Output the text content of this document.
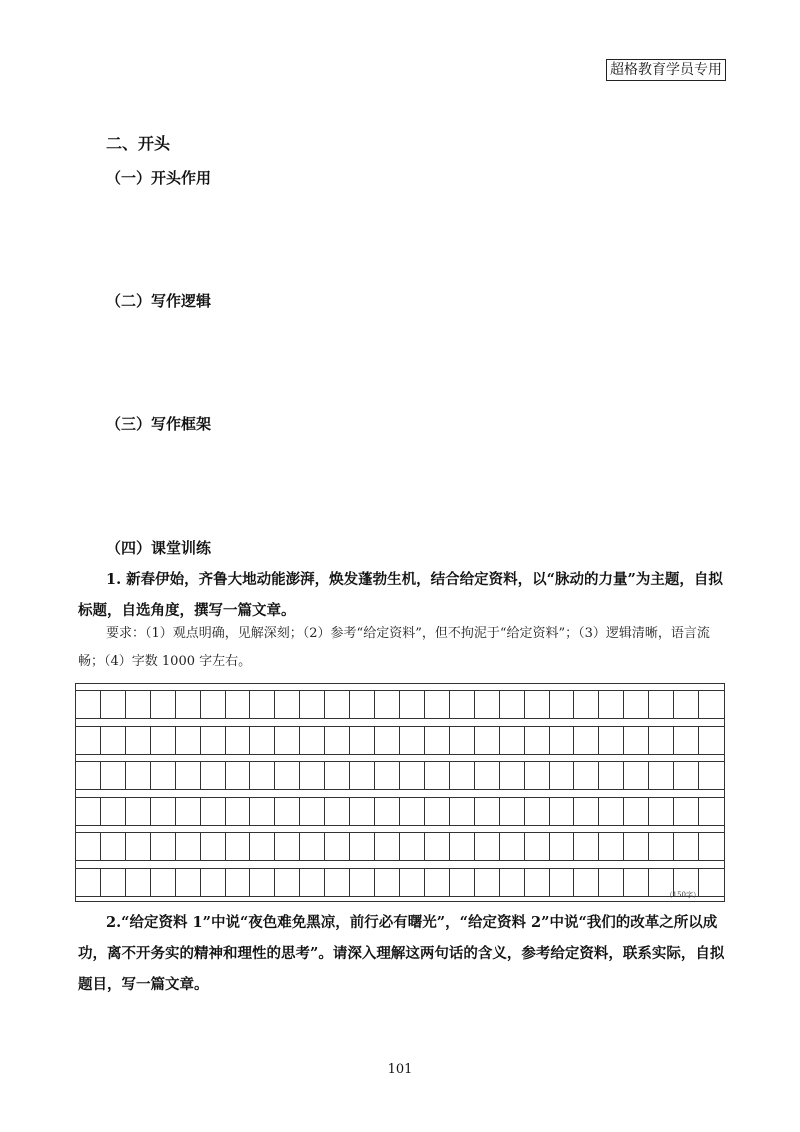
超格教育学员专用
二、开头
（一）开头作用
（二）写作逻辑
（三）写作框架
（四）课堂训练
1. 新春伊始，齐鲁大地动能澎湃，焕发蓬勃生机，结合给定资料，以“脉动的力量”为主题，自拟标题，自选角度，撰写一篇文章。
要求：（1）观点明确，见解深刻；（2）参考“给定资料”，但不拘泥于“给定资料”；（3）逻辑清晰，语言流畅；（4）字数 1000 字左右。
（150字）
2.“给定资料 1”中说“夜色难免黑凉，前行必有曙光”，“给定资料 2”中说“我们的改革之所以成功，离不开务实的精神和理性的思考”。请深入理解这两句话的含义，参考给定资料，联系实际，自拟题目，写一篇文章。
101
